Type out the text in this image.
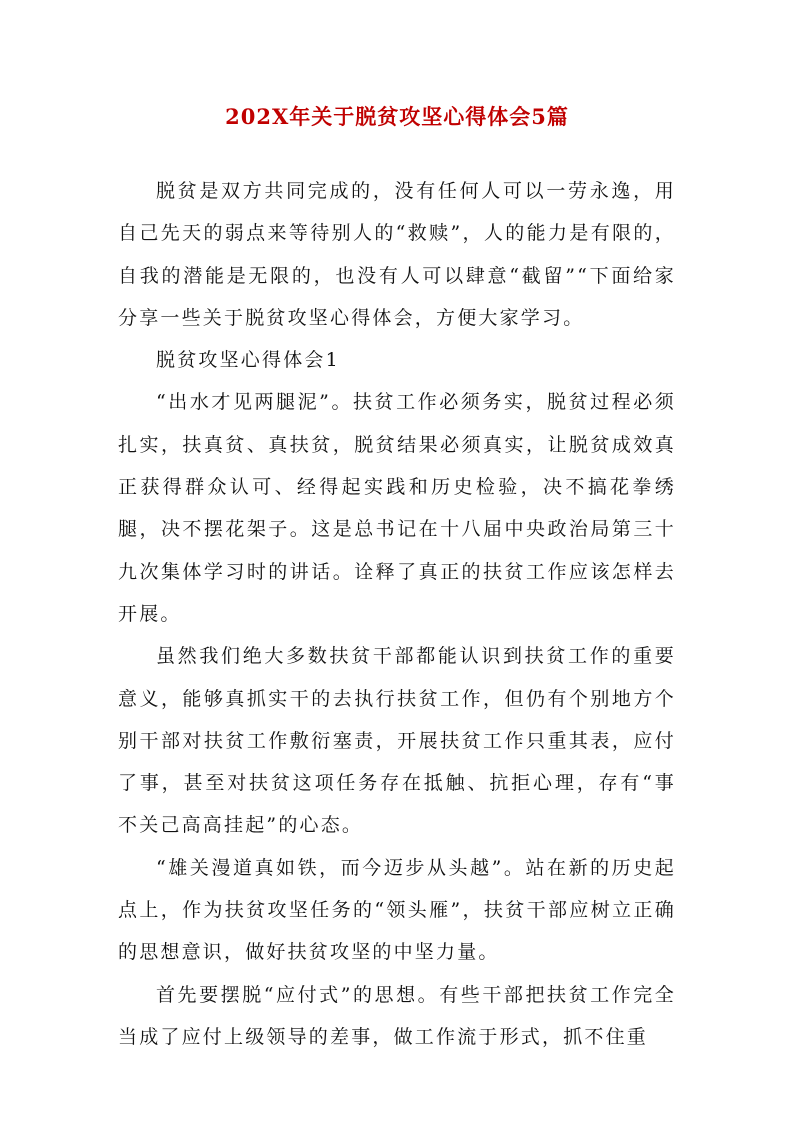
202X年关于脱贫攻坚心得体会5篇

脱贫是双方共同完成的，没有任何人可以一劳永逸，用自己先天的弱点来等待别人的“救赎”，人的能力是有限的，自我的潜能是无限的，也没有人可以肆意“截留”“下面给家分享一些关于脱贫攻坚心得体会，方便大家学习。

脱贫攻坚心得体会1

“出水才见两腿泥”。扶贫工作必须务实，脱贫过程必须扎实，扶真贫、真扶贫，脱贫结果必须真实，让脱贫成效真正获得群众认可、经得起实践和历史检验，决不搞花拳绣腿，决不摆花架子。这是总书记在十八届中央政治局第三十九次集体学习时的讲话。诠释了真正的扶贫工作应该怎样去开展。

虽然我们绝大多数扶贫干部都能认识到扶贫工作的重要意义，能够真抓实干的去执行扶贫工作，但仍有个别地方个别干部对扶贫工作敷衍塞责，开展扶贫工作只重其表，应付了事，甚至对扶贫这项任务存在抵触、抗拒心理，存有“事不关己高高挂起”的心态。

“雄关漫道真如铁，而今迈步从头越”。站在新的历史起点上，作为扶贫攻坚任务的“领头雁”，扶贫干部应树立正确的思想意识，做好扶贫攻坚的中坚力量。

首先要摆脱“应付式”的思想。有些干部把扶贫工作完全当成了应付上级领导的差事，做工作流于形式，抓不住重
